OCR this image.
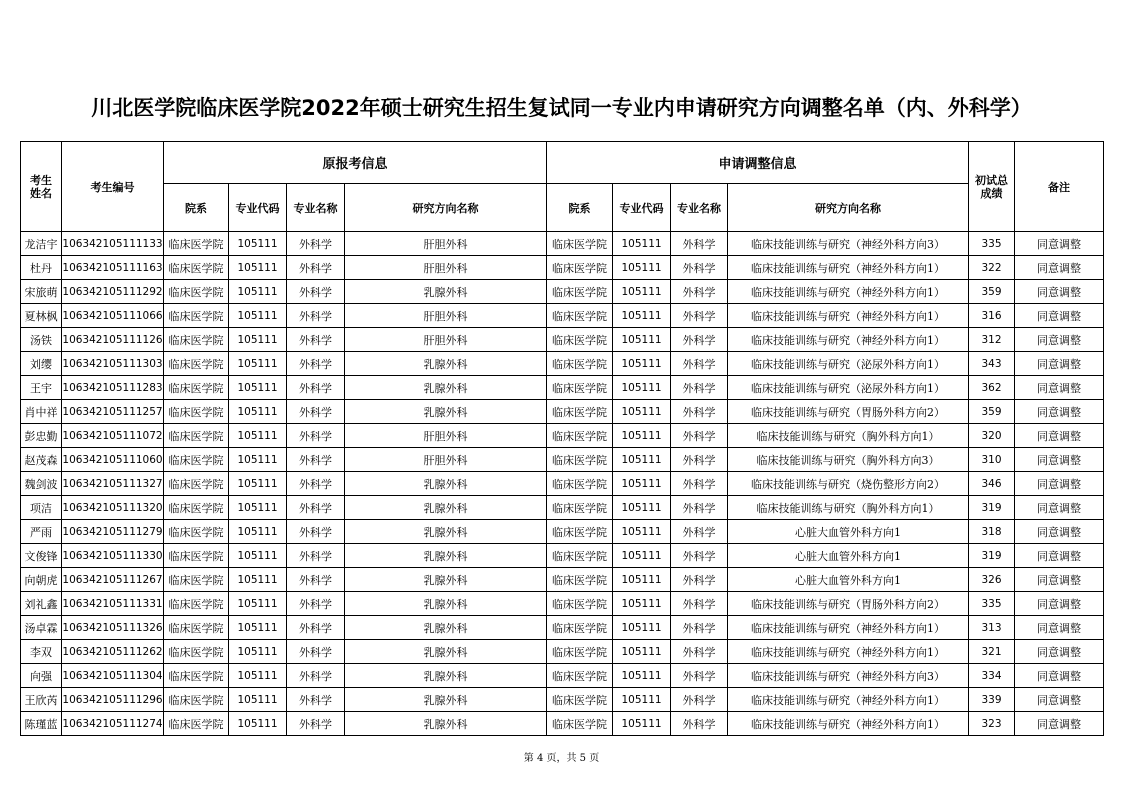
川北医学院临床医学院2022年硕士研究生招生复试同一专业内申请研究方向调整名单（内、外科学）
考生姓名	考生编号	原报考信息				申请调整信息				初试总成绩	备注
		院系	专业代码	专业名称	研究方向名称	院系	专业代码	专业名称	研究方向名称		
龙洁宇	106342105111133	临床医学院	105111	外科学	肝胆外科	临床医学院	105111	外科学	临床技能训练与研究（神经外科方向3）	335	同意调整
杜丹	106342105111163	临床医学院	105111	外科学	肝胆外科	临床医学院	105111	外科学	临床技能训练与研究（神经外科方向1）	322	同意调整
宋旅萌	106342105111292	临床医学院	105111	外科学	乳腺外科	临床医学院	105111	外科学	临床技能训练与研究（神经外科方向1）	359	同意调整
夏林枫	106342105111066	临床医学院	105111	外科学	肝胆外科	临床医学院	105111	外科学	临床技能训练与研究（神经外科方向1）	316	同意调整
汤铁	106342105111126	临床医学院	105111	外科学	肝胆外科	临床医学院	105111	外科学	临床技能训练与研究（神经外科方向1）	312	同意调整
刘缨	106342105111303	临床医学院	105111	外科学	乳腺外科	临床医学院	105111	外科学	临床技能训练与研究（泌尿外科方向1）	343	同意调整
王宇	106342105111283	临床医学院	105111	外科学	乳腺外科	临床医学院	105111	外科学	临床技能训练与研究（泌尿外科方向1）	362	同意调整
肖中祥	106342105111257	临床医学院	105111	外科学	乳腺外科	临床医学院	105111	外科学	临床技能训练与研究（胃肠外科方向2）	359	同意调整
彭忠勤	106342105111072	临床医学院	105111	外科学	肝胆外科	临床医学院	105111	外科学	临床技能训练与研究（胸外科方向1）	320	同意调整
赵茂森	106342105111060	临床医学院	105111	外科学	肝胆外科	临床医学院	105111	外科学	临床技能训练与研究（胸外科方向3）	310	同意调整
魏剑波	106342105111327	临床医学院	105111	外科学	乳腺外科	临床医学院	105111	外科学	临床技能训练与研究（烧伤整形方向2）	346	同意调整
项洁	106342105111320	临床医学院	105111	外科学	乳腺外科	临床医学院	105111	外科学	临床技能训练与研究（胸外科方向1）	319	同意调整
严雨	106342105111279	临床医学院	105111	外科学	乳腺外科	临床医学院	105111	外科学	心脏大血管外科方向1	318	同意调整
文俊锋	106342105111330	临床医学院	105111	外科学	乳腺外科	临床医学院	105111	外科学	心脏大血管外科方向1	319	同意调整
向朝虎	106342105111267	临床医学院	105111	外科学	乳腺外科	临床医学院	105111	外科学	心脏大血管外科方向1	326	同意调整
刘礼鑫	106342105111331	临床医学院	105111	外科学	乳腺外科	临床医学院	105111	外科学	临床技能训练与研究（胃肠外科方向2）	335	同意调整
汤卓霖	106342105111326	临床医学院	105111	外科学	乳腺外科	临床医学院	105111	外科学	临床技能训练与研究（神经外科方向1）	313	同意调整
李双	106342105111262	临床医学院	105111	外科学	乳腺外科	临床医学院	105111	外科学	临床技能训练与研究（神经外科方向1）	321	同意调整
向强	106342105111304	临床医学院	105111	外科学	乳腺外科	临床医学院	105111	外科学	临床技能训练与研究（神经外科方向3）	334	同意调整
王欣芮	106342105111296	临床医学院	105111	外科学	乳腺外科	临床医学院	105111	外科学	临床技能训练与研究（神经外科方向1）	339	同意调整
陈瑾蓝	106342105111274	临床医学院	105111	外科学	乳腺外科	临床医学院	105111	外科学	临床技能训练与研究（神经外科方向1）	323	同意调整
第 4 页，共 5 页
